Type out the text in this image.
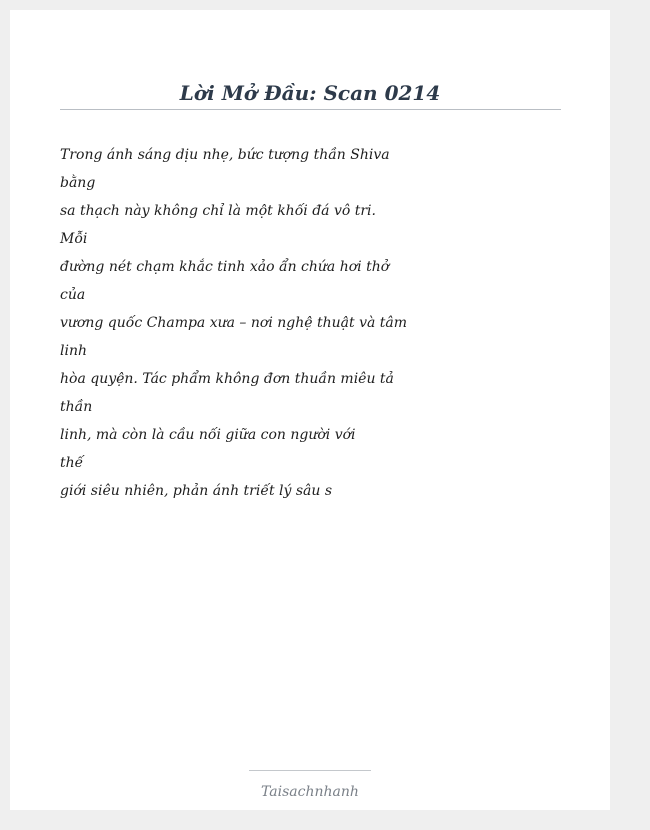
Lời Mở Đầu: Scan 0214
Trong ánh sáng dịu nhẹ, bức tượng thần Shiva
bằng
sa thạch này không chỉ là một khối đá vô tri.
Mỗi
đường nét chạm khắc tinh xảo ẩn chứa hơi thở
của
vương quốc Champa xưa – nơi nghệ thuật và tâm
linh
hòa quyện. Tác phẩm không đơn thuần miêu tả
thần
linh, mà còn là cầu nối giữa con người với
thế
giới siêu nhiên, phản ánh triết lý sâu s
Taisachnhanh
